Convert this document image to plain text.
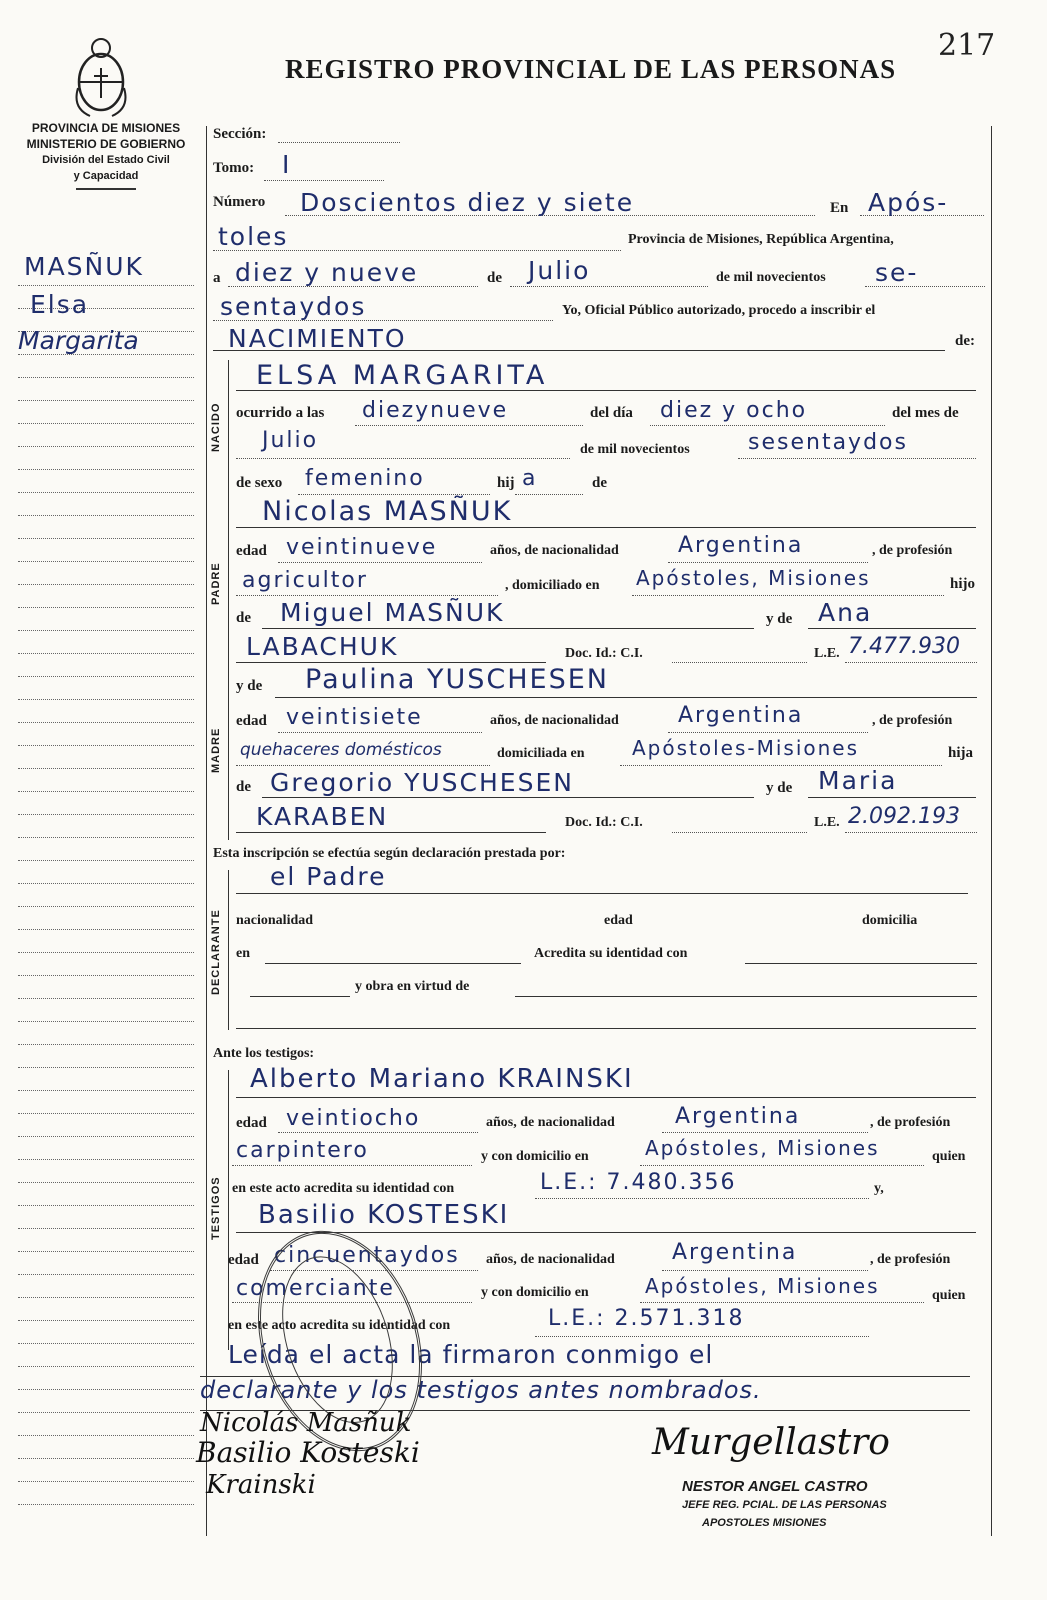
217
REGISTRO PROVINCIAL DE LAS PERSONAS
PROVINCIA DE MISIONES
MINISTERIO DE GOBIERNO
División del Estado Civil
y Capacidad
MASÑUK
Elsa
Margarita
NACIDO
PADRE
MADRE
DECLARANTE
TESTIGOS
Sección:
Tomo: I
Número Doscientos diez y siete	En Após-
toles	Provincia de Misiones, República Argentina,
a diez y nueve	de Julio	de mil novecientos se-
sentaydos	Yo, Oficial Público autorizado, procedo a inscribir el
NACIMIENTO	de:
ELSA MARGARITA
ocurrido a las diezynueve	del día diez y ocho	del mes de
Julio	de mil novecientos	sesentaydos
de sexo femenino	hij a	de
Nicolas MASÑUK
edad veintinueve	años, de nacionalidad	Argentina	, de profesión
agricultor	, domiciliado en Apóstoles, Misiones	hijo
de Miguel MASÑUK	y de Ana
LABACHUK	Doc. Id.: C.I.	L.E. 7.477.930
y de Paulina YUSCHESEN
edad veintisiete	años, de nacionalidad	Argentina	, de profesión
quehaceres domésticos	domiciliada en Apóstoles-Misiones	hija
de Gregorio YUSCHESEN	y de Maria
KARABEN	Doc. Id.: C.I.	L.E. 2.092.193
Esta inscripción se efectúa según declaración prestada por:
el Padre
nacionalidad	edad	domicilia
en	Acredita su identidad con
y obra en virtud de
Ante los testigos:
Alberto Mariano KRAINSKI
edad veintiocho	años, de nacionalidad	Argentina	, de profesión
carpintero	y con domicilio en	Apóstoles, Misiones	quien
en este acto acredita su identidad con	L.E.: 7.480.356	y,
Basilio KOSTESKI
edad cincuentaydos años, de nacionalidad	Argentina	, de profesión
comerciante	y con domicilio en	Apóstoles, Misiones	quien
en este acto acredita su identidad con	L.E.: 2.571.318
Leída el acta la firmaron conmigo el
declarante y los testigos antes nombrados.
Nicolás Masñuk
Basilio Kosteski
Krainski
Murgellastro
NESTOR ANGEL CASTRO
JEFE REG. PCIAL. DE LAS PERSONAS
APOSTOLES MISIONES
